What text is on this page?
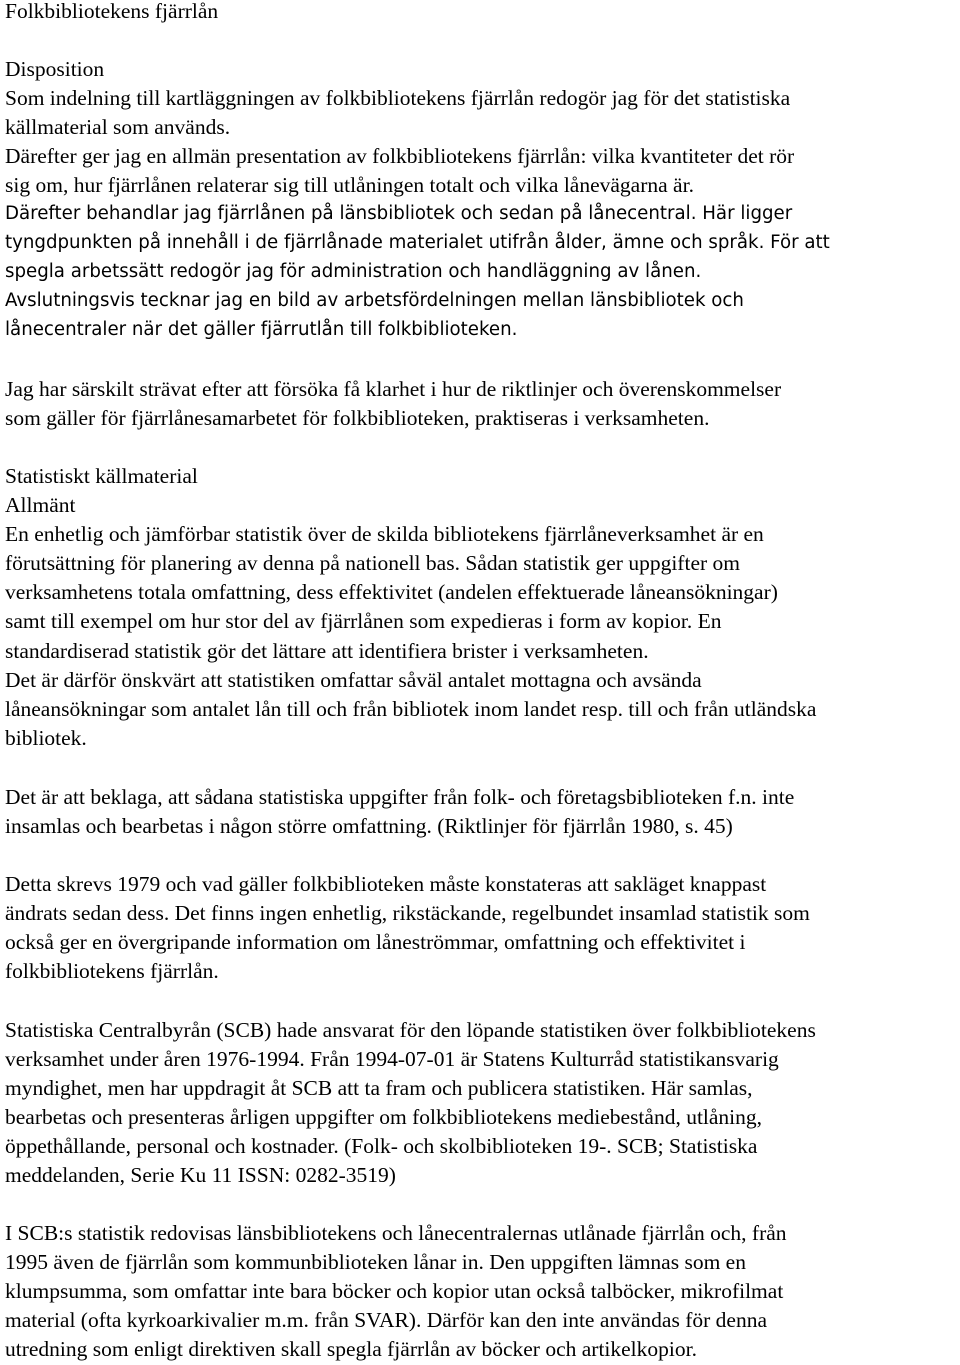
Folkbibliotekens fjärrlån
Disposition
Som indelning till kartläggningen av folkbibliotekens fjärrlån redogör jag för det statistiska
källmaterial som används.
Därefter ger jag en allmän presentation av folkbibliotekens fjärrlån: vilka kvantiteter det rör
sig om, hur fjärrlånen relaterar sig till utlåningen totalt och vilka lånevägarna är.
Därefter behandlar jag fjärrlånen på länsbibliotek och sedan på lånecentral. Här ligger
tyngdpunkten på innehåll i de fjärrlånade materialet utifrån ålder, ämne och språk. För att
spegla arbetssätt redogör jag för administration och handläggning av lånen.
Avslutningsvis tecknar jag en bild av arbetsfördelningen mellan länsbibliotek och
lånecentraler när det gäller fjärrutlån till folkbiblioteken.
Jag har särskilt strävat efter att försöka få klarhet i hur de riktlinjer och överenskommelser
som gäller för fjärrlånesamarbetet för folkbiblioteken, praktiseras i verksamheten.
Statistiskt källmaterial
Allmänt
En enhetlig och jämförbar statistik över de skilda bibliotekens fjärrlåneverksamhet är en
förutsättning för planering av denna på nationell bas. Sådan statistik ger uppgifter om
verksamhetens totala omfattning, dess effektivitet (andelen effektuerade låneansökningar)
samt till exempel om hur stor del av fjärrlånen som expedieras i form av kopior. En
standardiserad statistik gör det lättare att identifiera brister i verksamheten.
Det är därför önskvärt att statistiken omfattar såväl antalet mottagna och avsända
låneansökningar som antalet lån till och från bibliotek inom landet resp. till och från utländska
bibliotek.
Det är att beklaga, att sådana statistiska uppgifter från folk- och företagsbiblioteken f.n. inte
insamlas och bearbetas i någon större omfattning. (Riktlinjer för fjärrlån 1980, s. 45)
Detta skrevs 1979 och vad gäller folkbiblioteken måste konstateras att sakläget knappast
ändrats sedan dess. Det finns ingen enhetlig, rikstäckande, regelbundet insamlad statistik som
också ger en övergripande information om låneströmmar, omfattning och effektivitet i
folkbibliotekens fjärrlån.
Statistiska Centralbyrån (SCB) hade ansvarat för den löpande statistiken över folkbibliotekens
verksamhet under åren 1976-1994. Från 1994-07-01 är Statens Kulturråd statistikansvarig
myndighet, men har uppdragit åt SCB att ta fram och publicera statistiken. Här samlas,
bearbetas och presenteras årligen uppgifter om folkbibliotekens mediebestånd, utlåning,
öppethållande, personal och kostnader. (Folk- och skolbiblioteken 19-. SCB; Statistiska
meddelanden, Serie Ku 11 ISSN: 0282-3519)
I SCB:s statistik redovisas länsbibliotekens och lånecentralernas utlånade fjärrlån och, från
1995 även de fjärrlån som kommunbiblioteken lånar in. Den uppgiften lämnas som en
klumpsumma, som omfattar inte bara böcker och kopior utan också talböcker, mikrofilmat
material (ofta kyrkoarkivalier m.m. från SVAR). Därför kan den inte användas för denna
utredning som enligt direktiven skall spegla fjärrlån av böcker och artikelkopior.
